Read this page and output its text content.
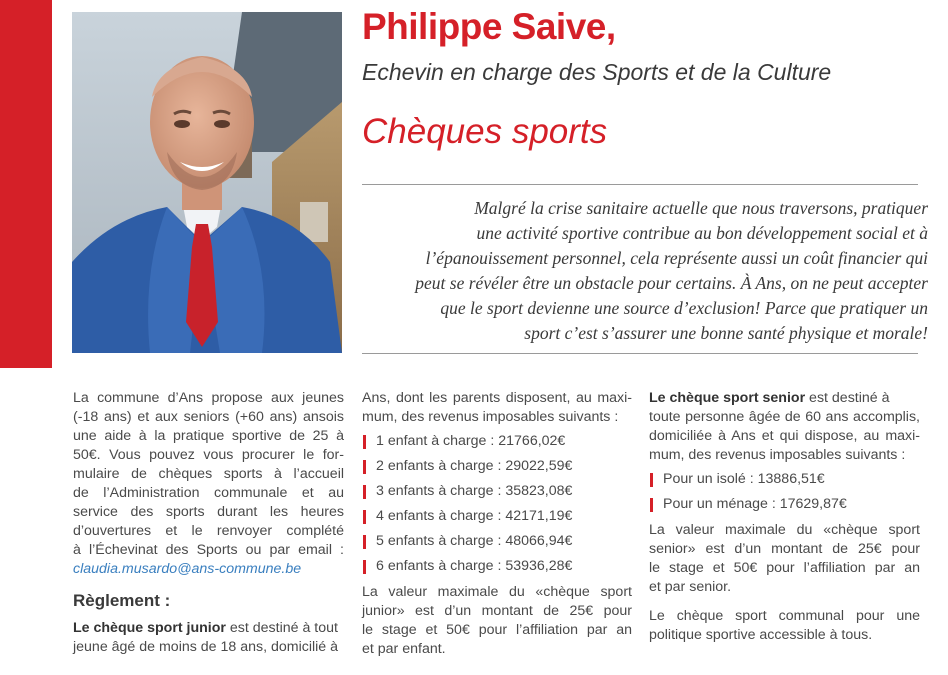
Philippe Saive,
Echevin en charge des Sports et de la Culture
Chèques sports
Malgré la crise sanitaire actuelle que nous traversons, pratiquer
une activité sportive contribue au bon développement social et à
l’épanouissement personnel, cela représente aussi un coût financier qui
peut se révéler être un obstacle pour certains. À Ans, on ne peut accepter
que le sport devienne une source d’exclusion! Parce que pratiquer un
sport c’est s’assurer une bonne santé physique et morale!
La commune d’Ans propose aux jeunes
(-18 ans) et aux seniors (+60 ans) ansois
une aide à la pratique sportive de 25 à
50€. Vous pouvez vous procurer le for-
mulaire de chèques sports à l’accueil
de l’Administration communale et au
service des sports durant les heures
d’ouvertures et le renvoyer complété
à l’Échevinat des Sports ou par email :
claudia.musardo@ans-commune.be
Règlement :
Le chèque sport junior est destiné à tout
jeune âgé de moins de 18 ans, domicilié à
Ans, dont les parents disposent, au maxi-
mum, des revenus imposables suivants :
1 enfant à charge : 21766,02€
2 enfants à charge : 29022,59€
3 enfants à charge : 35823,08€
4 enfants à charge : 42171,19€
5 enfants à charge : 48066,94€
6 enfants à charge : 53936,28€
La valeur maximale du «chèque sport
junior» est d’un montant de 25€ pour
le stage et 50€ pour l’affiliation par an
et par enfant.
Le chèque sport senior est destiné à
toute personne âgée de 60 ans accomplis,
domiciliée à Ans et qui dispose, au maxi-
mum, des revenus imposables suivants :
Pour un isolé : 13886,51€
Pour un ménage : 17629,87€
La valeur maximale du «chèque sport
senior» est d’un montant de 25€ pour
le stage et 50€ pour l’affiliation par an
et par senior.
Le chèque sport communal pour une
politique sportive accessible à tous.
